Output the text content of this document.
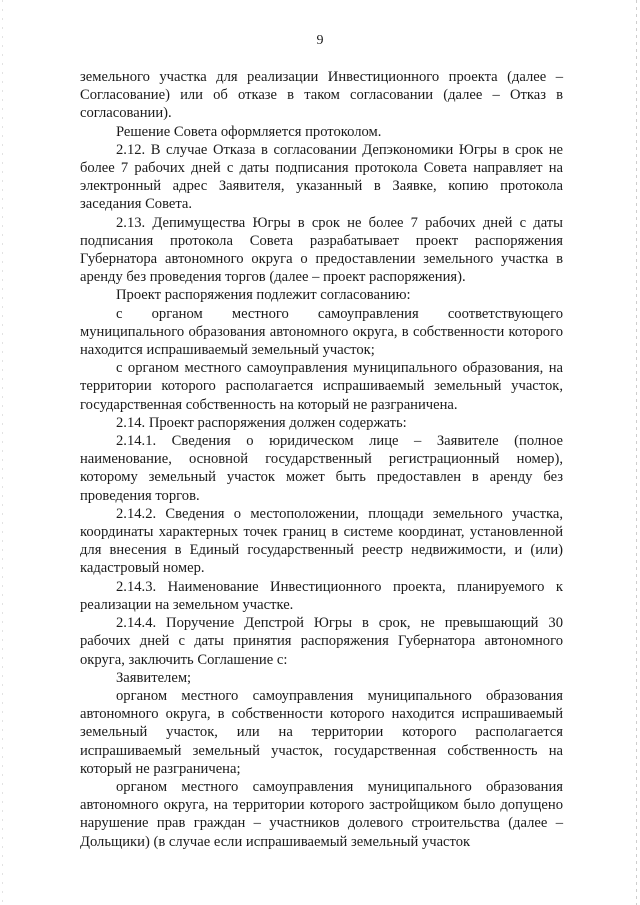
9

земельного участка для реализации Инвестиционного проекта (далее – Согласование) или об отказе в таком согласовании (далее – Отказ в согласовании).

Решение Совета оформляется протоколом.

2.12. В случае Отказа в согласовании Депэкономики Югры в срок не более 7 рабочих дней с даты подписания протокола Совета направляет на электронный адрес Заявителя, указанный в Заявке, копию протокола заседания Совета.

2.13. Депимущества Югры в срок не более 7 рабочих дней с даты подписания протокола Совета разрабатывает проект распоряжения Губернатора автономного округа о предоставлении земельного участка в аренду без проведения торгов (далее – проект распоряжения).

Проект распоряжения подлежит согласованию:

с органом местного самоуправления соответствующего муниципального образования автономного округа, в собственности которого находится испрашиваемый земельный участок;

с органом местного самоуправления муниципального образования, на территории которого располагается испрашиваемый земельный участок, государственная собственность на который не разграничена.

2.14. Проект распоряжения должен содержать:

2.14.1. Сведения о юридическом лице – Заявителе (полное наименование, основной государственный регистрационный номер), которому земельный участок может быть предоставлен в аренду без проведения торгов.

2.14.2. Сведения о местоположении, площади земельного участка, координаты характерных точек границ в системе координат, установленной для внесения в Единый государственный реестр недвижимости, и (или) кадастровый номер.

2.14.3. Наименование Инвестиционного проекта, планируемого к реализации на земельном участке.

2.14.4. Поручение Депстрой Югры в срок, не превышающий 30 рабочих дней с даты принятия распоряжения Губернатора автономного округа, заключить Соглашение с:

Заявителем;

органом местного самоуправления муниципального образования автономного округа, в собственности которого находится испрашиваемый земельный участок, или на территории которого располагается испрашиваемый земельный участок, государственная собственность на который не разграничена;

органом местного самоуправления муниципального образования автономного округа, на территории которого застройщиком было допущено нарушение прав граждан – участников долевого строительства (далее – Дольщики) (в случае если испрашиваемый земельный участок
